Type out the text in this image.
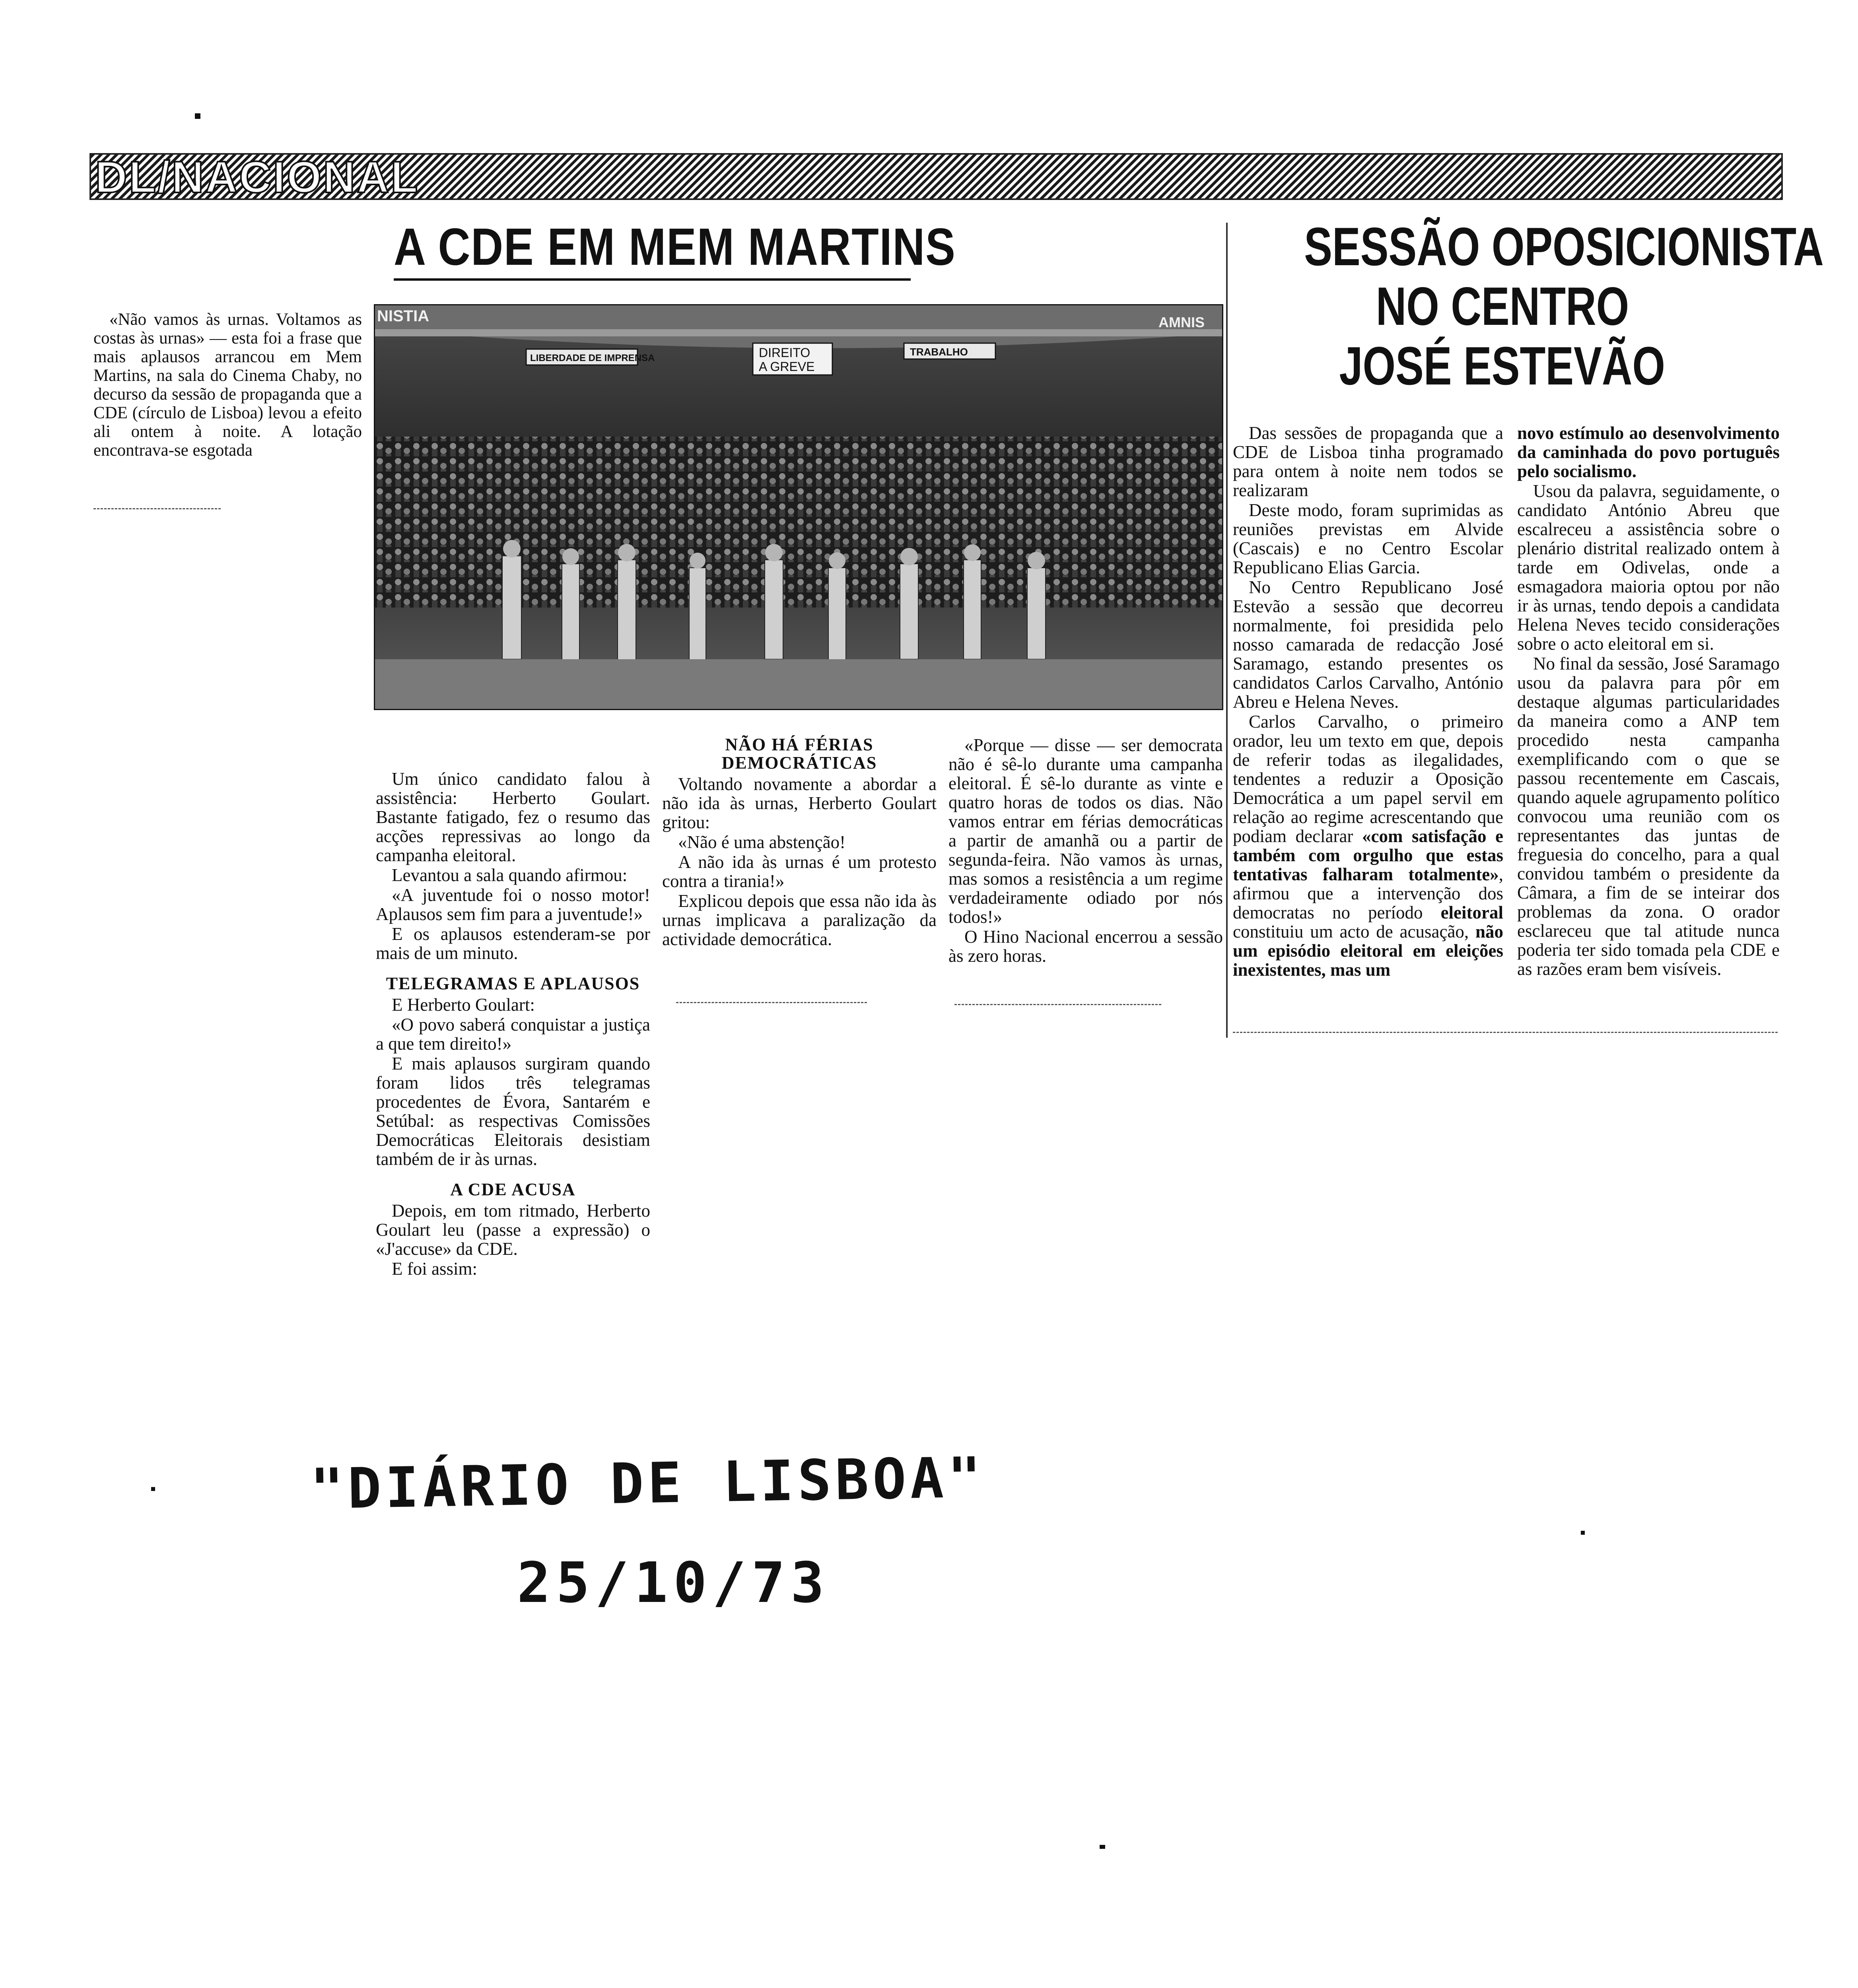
DL/NACIONAL
A CDE EM MEM MARTINS

«Não vamos às urnas. Voltamos as costas às urnas» — esta foi a frase que mais aplausos arrancou em Mem Martins, na sala do Cinema Chaby, no decurso da sessão de propaganda que a CDE (círculo de Lisboa) levou a efeito ali ontem à noite. A lotação encontrava-se esgotada

NISTIA
LIBERDADE DE IMPRENSA	DIREITO
A GREVE
TRABALHO
AMNIS

Um único candidato falou à assistência: Herberto Goulart. Bastante fatigado, fez o resumo das acções repressivas ao longo da campanha eleitoral.

Levantou a sala quando afirmou:

«A juventude foi o nosso motor! Aplausos sem fim para a juventude!»

E os aplausos estenderam-se por mais de um minuto.

TELEGRAMAS E APLAUSOS

E Herberto Goulart:

«O povo saberá conquistar a justiça a que tem direito!»

E mais aplausos surgiram quando foram lidos três telegramas procedentes de Évora, Santarém e Setúbal: as respectivas Comissões Democráticas Eleitorais desistiam também de ir às urnas.

A CDE ACUSA

Depois, em tom ritmado, Herberto Goulart leu (passe a expressão) o «J'accuse» da CDE.

E foi assim:

NÃO HÁ FÉRIAS DEMOCRÁTICAS

Voltando novamente a abordar a não ida às urnas, Herberto Goulart gritou:

«Não é uma abstenção!

A não ida às urnas é um protesto contra a tirania!»

Explicou depois que essa não ida às urnas implicava a paralização da actividade democrática.

«Porque — disse — ser democrata não é sê-lo durante uma campanha eleitoral. É sê-lo durante as vinte e quatro horas de todos os dias. Não vamos entrar em férias democráticas a partir de amanhã ou a partir de segunda-feira. Não vamos às urnas, mas somos a resistência a um regime verdadeiramente odiado por nós todos!»

O Hino Nacional encerrou a sessão às zero horas.

SESSÃO OPOSICIONISTA
NO CENTRO
JOSÉ ESTEVÃO

Das sessões de propaganda que a CDE de Lisboa tinha programado para ontem à noite nem todos se realizaram

Deste modo, foram suprimidas as reuniões previstas em Alvide (Cascais) e no Centro Escolar Republicano Elias Garcia.

No Centro Republicano José Estevão a sessão que decorreu normalmente, foi presidida pelo nosso camarada de redacção José Saramago, estando presentes os candidatos Carlos Carvalho, António Abreu e Helena Neves.

Carlos Carvalho, o primeiro orador, leu um texto em que, depois de referir todas as ilegalidades, tendentes a reduzir a Oposição Democrática a um papel servil em relação ao regime acrescentando que podiam declarar «com satisfação e também com orgulho que estas tentativas falharam totalmente», afirmou que a intervenção dos democratas no período eleitoral constituiu um acto de acusação, não um episódio eleitoral em eleições inexistentes, mas um

novo estímulo ao desenvolvimento da caminhada do povo português pelo socialismo.

Usou da palavra, seguidamente, o candidato António Abreu que escalreceu a assistência sobre o plenário distrital realizado ontem à tarde em Odivelas, onde a esmagadora maioria optou por não ir às urnas, tendo depois a candidata Helena Neves tecido considerações sobre o acto eleitoral em si.

No final da sessão, José Saramago usou da palavra para pôr em destaque algumas particularidades da maneira como a ANP tem procedido nesta campanha exemplificando com o que se passou recentemente em Cascais, quando aquele agrupamento político convocou uma reunião com os representantes das juntas de freguesia do concelho, para a qual convidou também o presidente da Câmara, a fim de se inteirar dos problemas da zona. O orador esclareceu que tal atitude nunca poderia ter sido tomada pela CDE e as razões eram bem visíveis.

"DIÁRIO DE LISBOA"
25/10/73
